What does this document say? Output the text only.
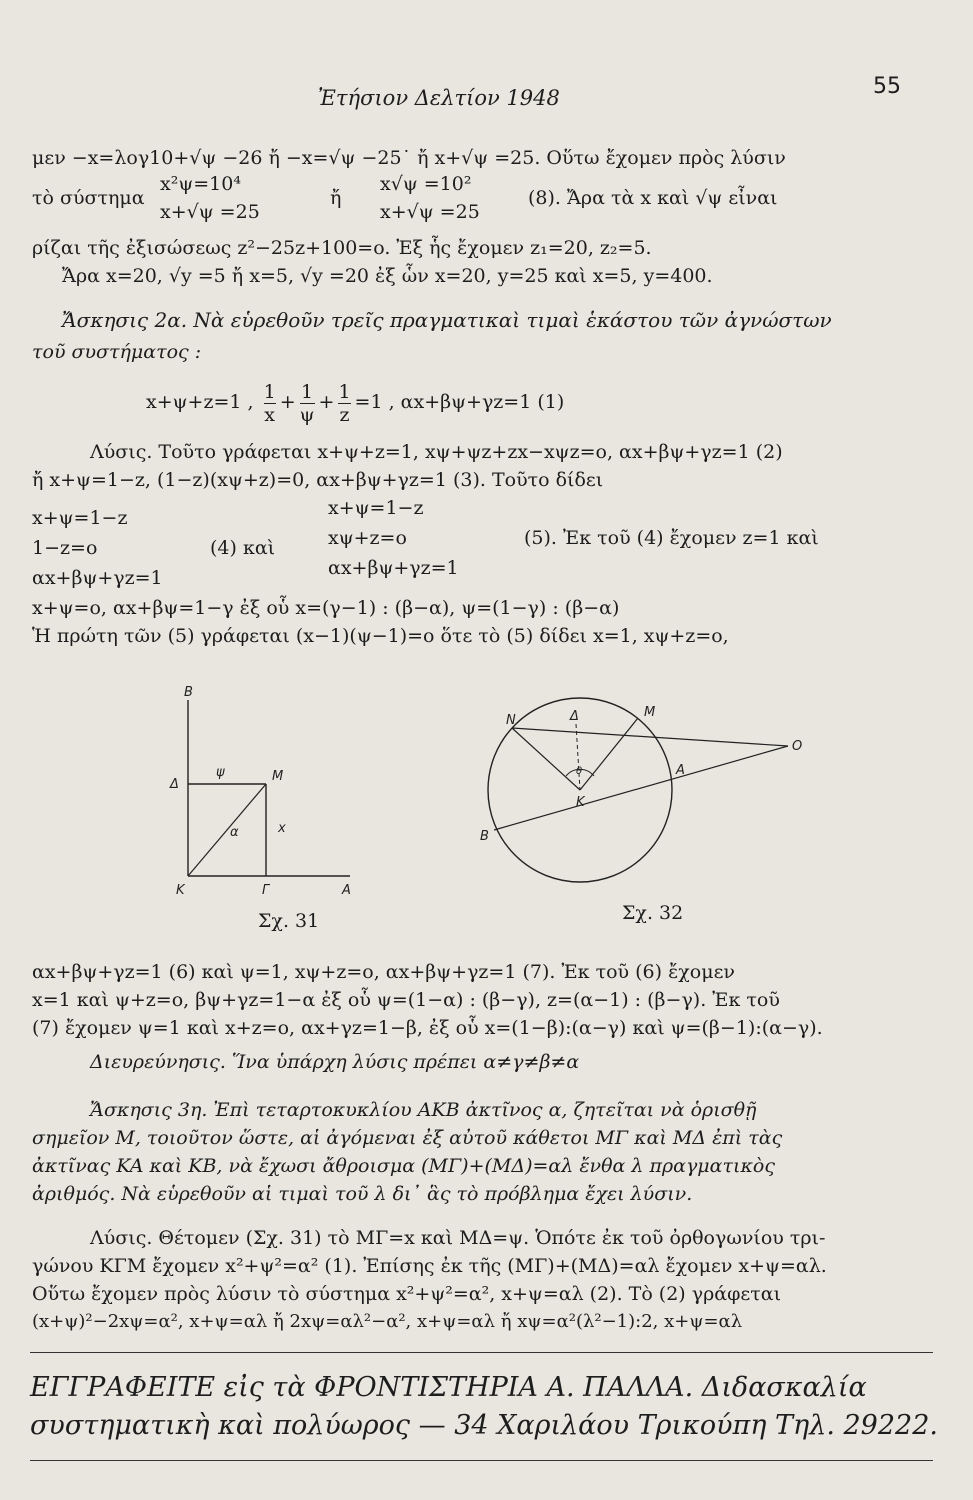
Ἐτήσιον Δελτίον 1948	55
μεν −x=λογ10+√ψ −26 ἤ −x=√ψ −25˙ ἤ x+√ψ =25. Οὕτω ἔχομεν πρὸς λύσιν
τὸ σύστημα
x²ψ=10⁴
x+√ψ =25
ἤ
x√ψ =10²
x+√ψ =25
(8). Ἄρα τὰ x καὶ √ψ εἶναι
ρίζαι τῆς ἐξισώσεως z²−25z+100=o. Ἐξ ἧς ἔχομεν z₁=20, z₂=5.
Ἄρα x=20, √y =5 ἤ x=5, √y =20 ἐξ ὧν x=20, y=25 καὶ x=5, y=400.
Ἄσκησις 2α. Νὰ εὑρεθοῦν τρεῖς πραγματικαὶ τιμαὶ ἑκάστου τῶν ἀγνώστων
τοῦ συστήματος :
x+ψ+z=1 , $\frac{1}{x} + \frac{1}{\psi} + \frac{1}{z} =1$ , αx+βψ+γz=1 (1)
Λύσις. Τοῦτο γράφεται x+ψ+z=1, xψ+ψz+zx−xψz=o, αx+βψ+γz=1 (2)
ἤ x+ψ=1−z, (1−z)(xψ+z)=0, αx+βψ+γz=1 (3). Τοῦτο δίδει
x+ψ=1−z
1−z=o
αx+βψ+γz=1
(4) καὶ
x+ψ=1−z
xψ+z=o
αx+βψ+γz=1
(5). Ἐκ τοῦ (4) ἔχομεν z=1 καὶ
x+ψ=o, αx+βψ=1−γ ἐξ οὗ x=(γ−1) : (β−α), ψ=(1−γ) : (β−α)
Ἡ πρώτη τῶν (5) γράφεται (x−1)(ψ−1)=o ὅτε τὸ (5) δίδει x=1, xψ+z=o,
B
Δ
ψ	M
α	x
K	Γ	A
Σχ. 31
N	Δ	M
O
A
K
B
θ
Σχ. 32
αx+βψ+γz=1 (6) καὶ ψ=1, xψ+z=o, αx+βψ+γz=1 (7). Ἐκ τοῦ (6) ἔχομεν
x=1 καὶ ψ+z=o, βψ+γz=1−α ἐξ οὗ ψ=(1−α) : (β−γ), z=(α−1) : (β−γ). Ἐκ τοῦ
(7) ἔχομεν ψ=1 καὶ x+z=o, αx+γz=1−β, ἐξ οὗ x=(1−β):(α−γ) καὶ ψ=(β−1):(α−γ).
Διευρεύνησις. Ἵνα ὑπάρχη λύσις πρέπει α≠γ≠β≠α
Ἄσκησις 3η. Ἐπὶ τεταρτοκυκλίου AKB ἀκτῖνος α, ζητεῖται νὰ ὁρισθῇ
σημεῖον M, τοιοῦτον ὥστε, αἱ ἀγόμεναι ἐξ αὐτοῦ κάθετοι MΓ καὶ MΔ ἐπὶ τὰς
ἀκτῖνας KA καὶ KB, νὰ ἔχωσι ἄθροισμα (MΓ)+(MΔ)=αλ ἔνθα λ πραγματικὸς
ἀριθμός. Νὰ εὑρεθοῦν αἱ τιμαὶ τοῦ λ δι᾽ ἃς τὸ πρόβλημα ἔχει λύσιν.
Λύσις. Θέτομεν (Σχ. 31) τὸ MΓ=x καὶ MΔ=ψ. Ὁπότε ἐκ τοῦ ὀρθογωνίου τρι-
γώνου KΓM ἔχομεν x²+ψ²=α² (1). Ἐπίσης ἐκ τῆς (MΓ)+(MΔ)=αλ ἔχομεν x+ψ=αλ.
Οὕτω ἔχομεν πρὸς λύσιν τὸ σύστημα x²+ψ²=α², x+ψ=αλ (2). Τὸ (2) γράφεται
(x+ψ)²−2xψ=α², x+ψ=αλ ἤ 2xψ=αλ²−α², x+ψ=αλ ἤ xψ=α²(λ²−1):2, x+ψ=αλ
ΕΓΓΡΑΦΕΙΤΕ εἰς τὰ ΦΡΟΝΤΙΣΤΗΡΙΑ Α. ΠΑΛΛΑ. Διδασκαλία
συστηματικὴ καὶ πολύωρος — 34 Χαριλάου Τρικούπη Τηλ. 29222.
